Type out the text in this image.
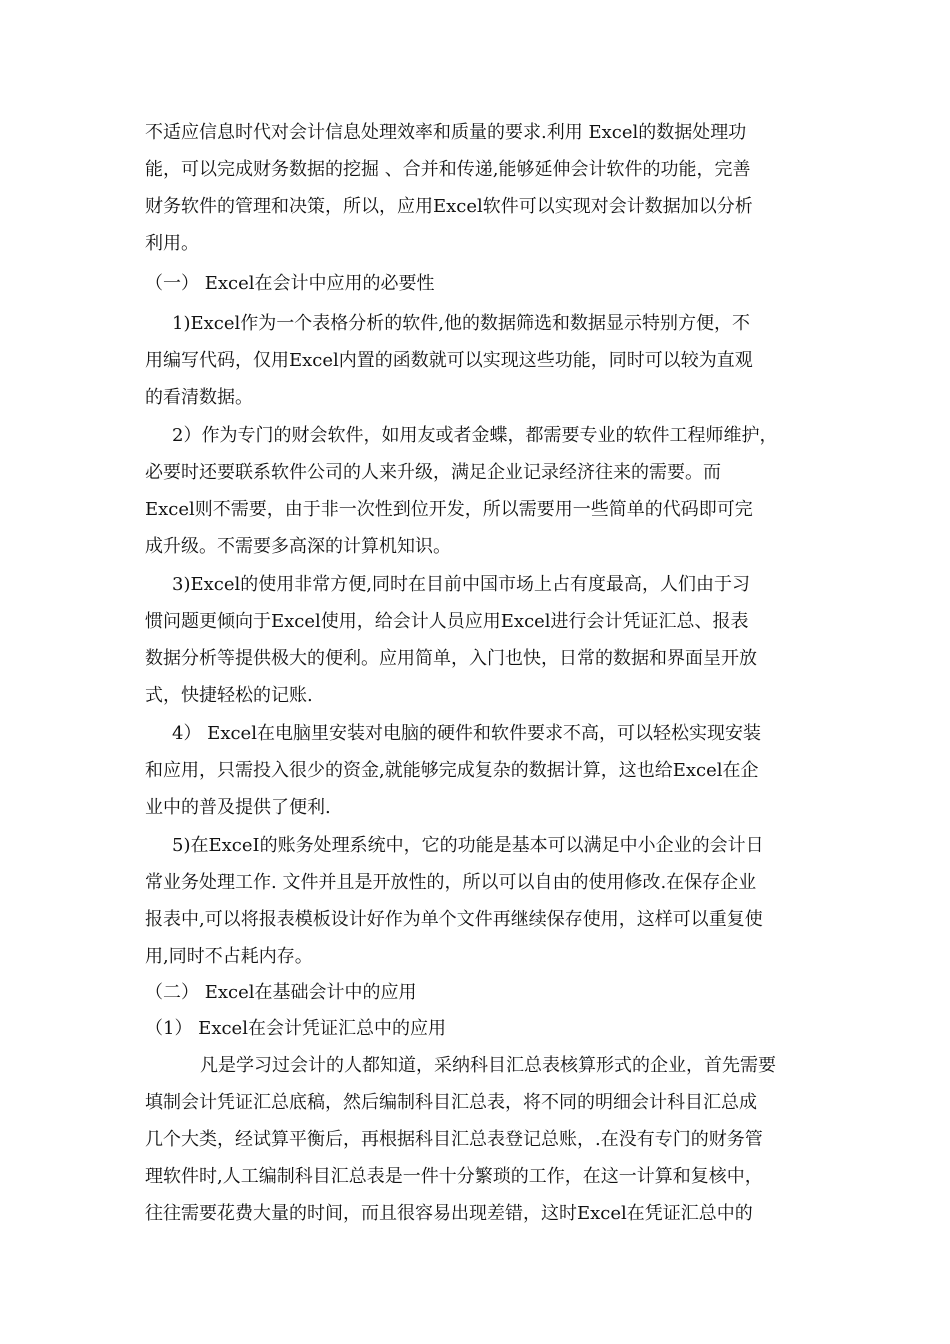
不适应信息时代对会计信息处理效率和质量的要求.利用 Excel的数据处理功

能，可以完成财务数据的挖掘 、合并和传递,能够延伸会计软件的功能，完善

财务软件的管理和决策，所以，应用Excel软件可以实现对会计数据加以分析

利用。

（一） Excel在会计中应用的必要性

1)Excel作为一个表格分析的软件,他的数据筛选和数据显示特别方便，不

用编写代码，仅用Excel内置的函数就可以实现这些功能，同时可以较为直观

的看清数据。

2）作为专门的财会软件，如用友或者金蝶，都需要专业的软件工程师维护，

必要时还要联系软件公司的人来升级，满足企业记录经济往来的需要。而

Excel则不需要，由于非一次性到位开发，所以需要用一些简单的代码即可完

成升级。不需要多高深的计算机知识。

3)Excel的使用非常方便,同时在目前中国市场上占有度最高，人们由于习

惯问题更倾向于Excel使用，给会计人员应用Excel进行会计凭证汇总、报表

数据分析等提供极大的便利。应用简单，入门也快，日常的数据和界面呈开放

式，快捷轻松的记账.

4） Excel在电脑里安装对电脑的硬件和软件要求不高，可以轻松实现安装

和应用，只需投入很少的资金,就能够完成复杂的数据计算，这也给Excel在企

业中的普及提供了便利.

5)在ExceI的账务处理系统中，它的功能是基本可以满足中小企业的会计日

常业务处理工作. 文件并且是开放性的，所以可以自由的使用修改.在保存企业

报表中,可以将报表模板设计好作为单个文件再继续保存使用，这样可以重复使

用,同时不占耗内存。

（二） Excel在基础会计中的应用

（1） Excel在会计凭证汇总中的应用

凡是学习过会计的人都知道，采纳科目汇总表核算形式的企业，首先需要

填制会计凭证汇总底稿，然后编制科目汇总表，将不同的明细会计科目汇总成

几个大类，经试算平衡后，再根据科目汇总表登记总账，.在没有专门的财务管

理软件时,人工编制科目汇总表是一件十分繁琐的工作，在这一计算和复核中，

往往需要花费大量的时间，而且很容易出现差错，这时Excel在凭证汇总中的
